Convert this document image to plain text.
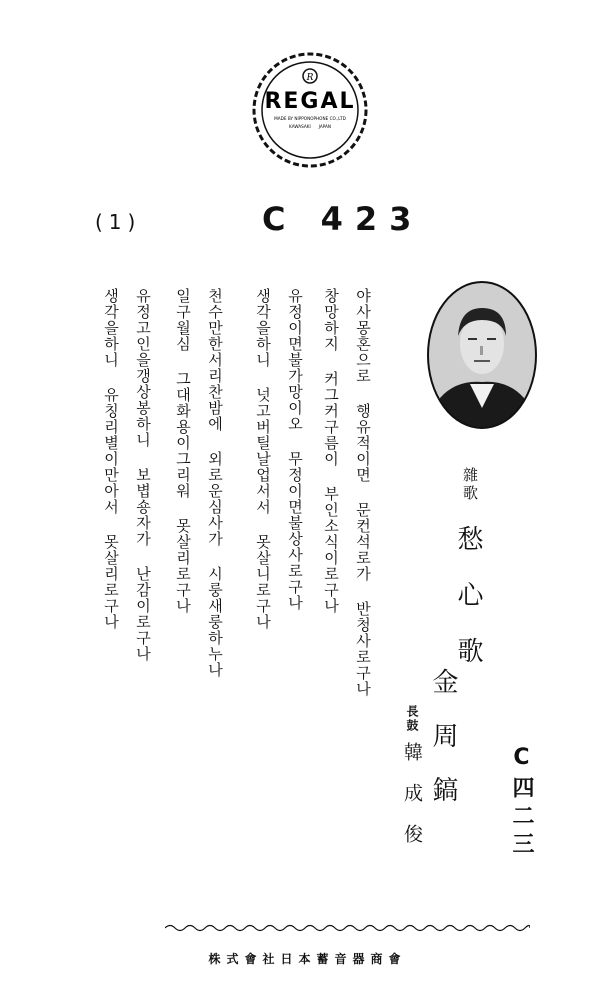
R
REGAL
MADE BY NIPPONOPHONE CO.,LTD
KAWASAKI      JAPAN
(1)	C 423
야사몽혼으로 행유적이면 문컨석로가 반청사로구나
창망하지 커그커구름이 부인소식이로구나
유정이면불가망이오 무정이면불상사로구나
생각을하니 넛고버틸날업서서 못살니로구나
천수만한서리찬밤에 외로운심사가 시룽새룽하누나
일구월심 그대화용이그리워 못살리로구나
유정고인을갱상봉하니 보볍숑자가 난감이로구나
생각을하니 유칭리별이만아서 못살리로구나	雜歌
愁心歌
金周鎬
長鼓
韓成俊	C四二三
株式會社日本蓄音器商會
